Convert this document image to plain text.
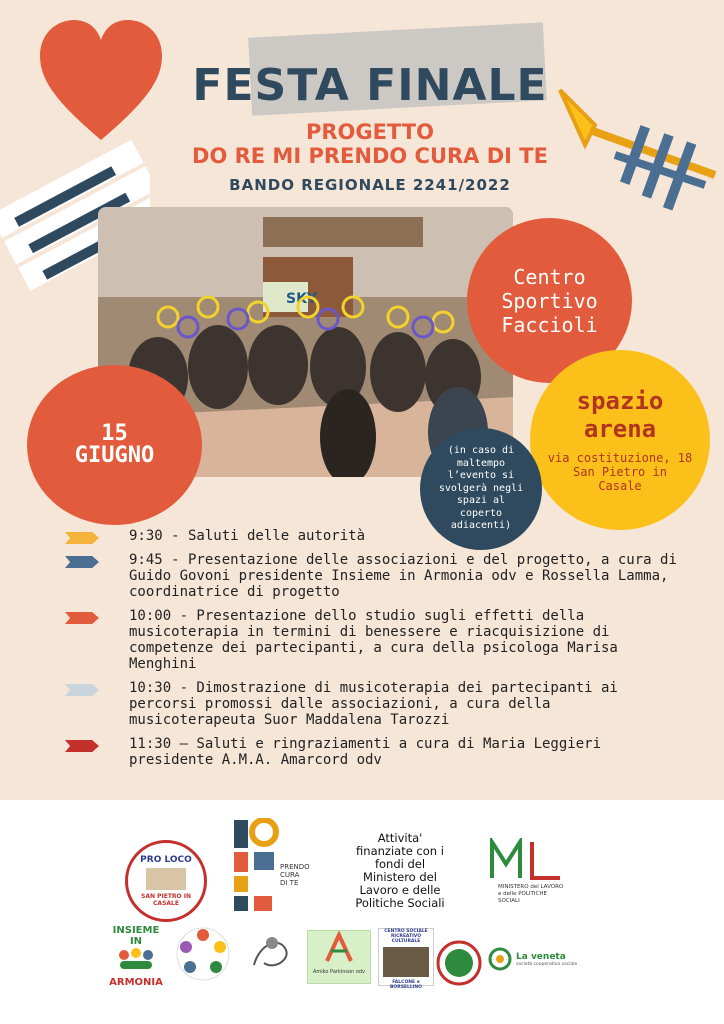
FESTA FINALE
PROGETTO
DO RE MI PRENDO CURA DI TE
BANDO REGIONALE 2241/2022
SKY
Centro
Sportivo
Faccioli
spazio
arena
via costituzione, 18
San Pietro in
Casale
15
GIUGNO	(in caso di
maltempo
l’evento si
svolgerà negli
spazi al
coperto
adiacenti)
9:30 - Saluti delle autorità
9:45 - Presentazione delle associazioni e del progetto, a cura di Guido Govoni presidente Insieme in Armonia odv e Rossella Lamma, coordinatrice di progetto
10:00 - Presentazione dello studio sugli effetti della musicoterapia in termini di benessere e riacquisizione di competenze dei partecipanti, a cura della psicologa Marisa Menghini
10:30 - Dimostrazione di musicoterapia dei partecipanti ai percorsi promossi dalle associazioni, a cura della musicoterapeuta Suor Maddalena Tarozzi
11:30 – Saluti e ringraziamenti a cura di Maria Leggieri presidente A.M.A. Amarcord odv
PRO LOCO
SAN PIETRO IN CASALE
PRENDO CURA DI TE
Attivita'
finanziate con i
fondi del
Ministero del
Lavoro e delle
Politiche Sociali
MINISTERO del LAVORO
e delle POLITICHE SOCIALI
INSIEME IN
ARMONIA
Amiko Parkinson odv
CENTRO SOCIALE
RICREATIVO CULTURALE
FALCONE e BORSELLINO
La veneta
società cooperativa sociale
